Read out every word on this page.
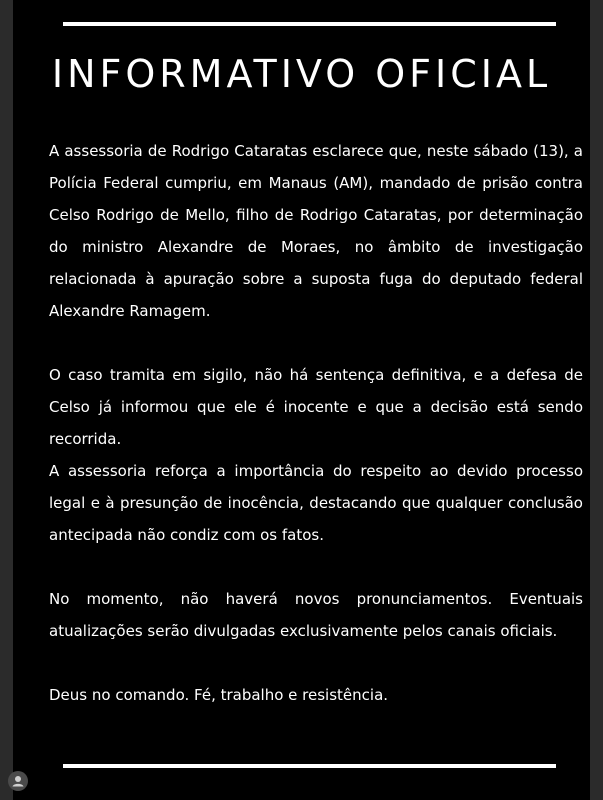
INFORMATIVO OFICIAL

A assessoria de Rodrigo Cataratas esclarece que, neste sábado (13), a Polícia Federal cumpriu, em Manaus (AM), mandado de prisão contra Celso Rodrigo de Mello, filho de Rodrigo Cataratas, por determinação do ministro Alexandre de Moraes, no âmbito de investigação relacionada à apuração sobre a suposta fuga do deputado federal Alexandre Ramagem.

O caso tramita em sigilo, não há sentença definitiva, e a defesa de Celso já informou que ele é inocente e que a decisão está sendo recorrida.

A assessoria reforça a importância do respeito ao devido processo legal e à presunção de inocência, destacando que qualquer conclusão antecipada não condiz com os fatos.

No momento, não haverá novos pronunciamentos. Eventuais atualizações serão divulgadas exclusivamente pelos canais oficiais.

Deus no comando. Fé, trabalho e resistência.
